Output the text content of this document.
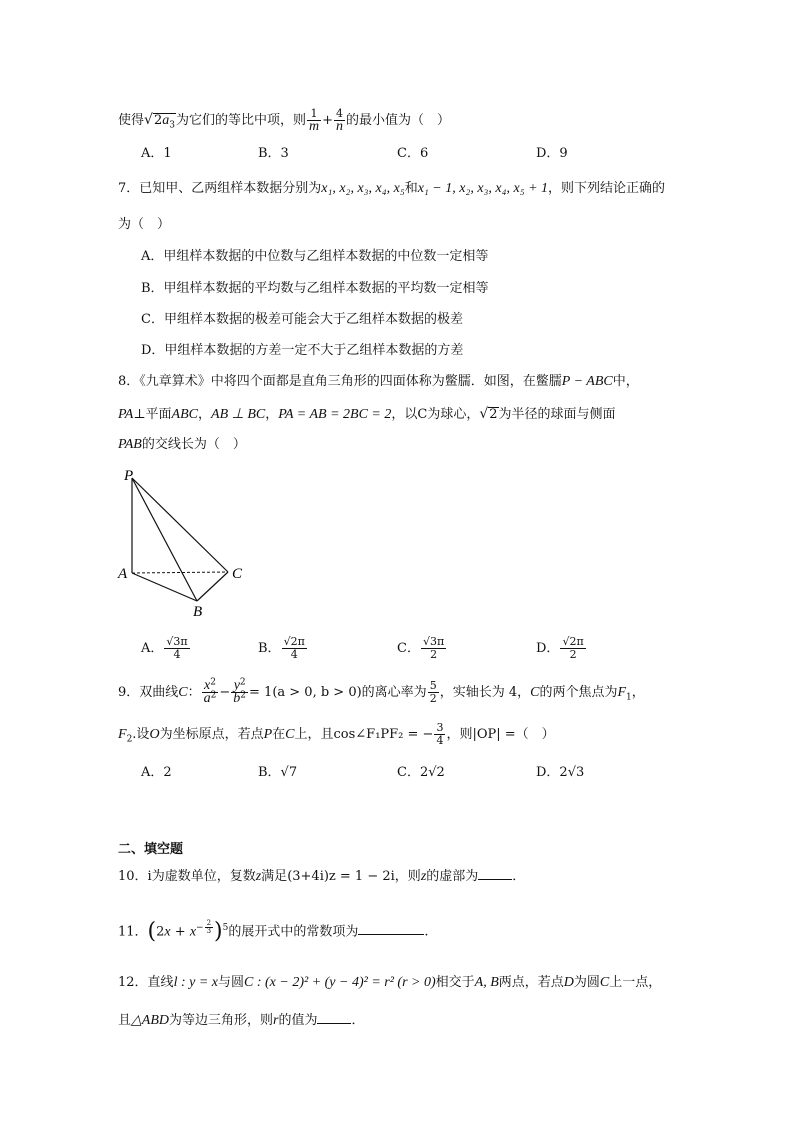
使得$√2a_3$为它们的等比中项，则 $\frac{1}{m} + \frac{4}{n}$ 的最小值为（　）
A．1	B．3	C．6	D．9
7．已知甲、乙两组样本数据分别为x₁, x₂, x₃, x₄, x₅和x₁ − 1, x₂, x₃, x₄, x₅ + 1，则下列结论正确的
为（　）
A．甲组样本数据的中位数与乙组样本数据的中位数一定相等
B．甲组样本数据的平均数与乙组样本数据的平均数一定相等
C．甲组样本数据的极差可能会大于乙组样本数据的极差
D．甲组样本数据的方差一定不大于乙组样本数据的方差
8．《九章算术》中将四个面都是直角三角形的四面体称为鳖臑．如图，在鳖臑P − ABC中，
PA⊥平面ABC，AB ⊥ BC，PA = AB = 2BC = 2，以C为球心，√2为半径的球面与侧面
PAB的交线长为（　）
P
A
B
C
A． $\frac{√3\pi}{4}$	B． $\frac{√2\pi}{4}$	C． $\frac{√3\pi}{2}$	D． $\frac{√2\pi}{2}$
9．双曲线C： $\frac{x^2}{a^2} - \frac{y^2}{b^2} = 1(a > 0$, b > 0)的离心率为 $\frac{5}{2}$ ，实轴长为 4，C的两个焦点为$F_1$，
$F_2$.设O为坐标原点，若点P在C上，且cos∠F₁PF₂ = − $\frac{3}{4}$ ，则|OP| =（　）
A．2	B．√7	C．2√2	D．2√3
二、填空题
10．i为虚数单位，复数z满足(3+4i)z = 1 − 2i，则z的虚部为	．
11．($2x + x^{- \frac{2}{3}}$ )$^5$的展开式中的常数项为	.
12．直线l : y = x与圆C : (x − 2)² + (y − 4)² = r² (r > 0)相交于A, B两点，若点D为圆C上一点，
且△ABD为等边三角形，则r的值为	．
